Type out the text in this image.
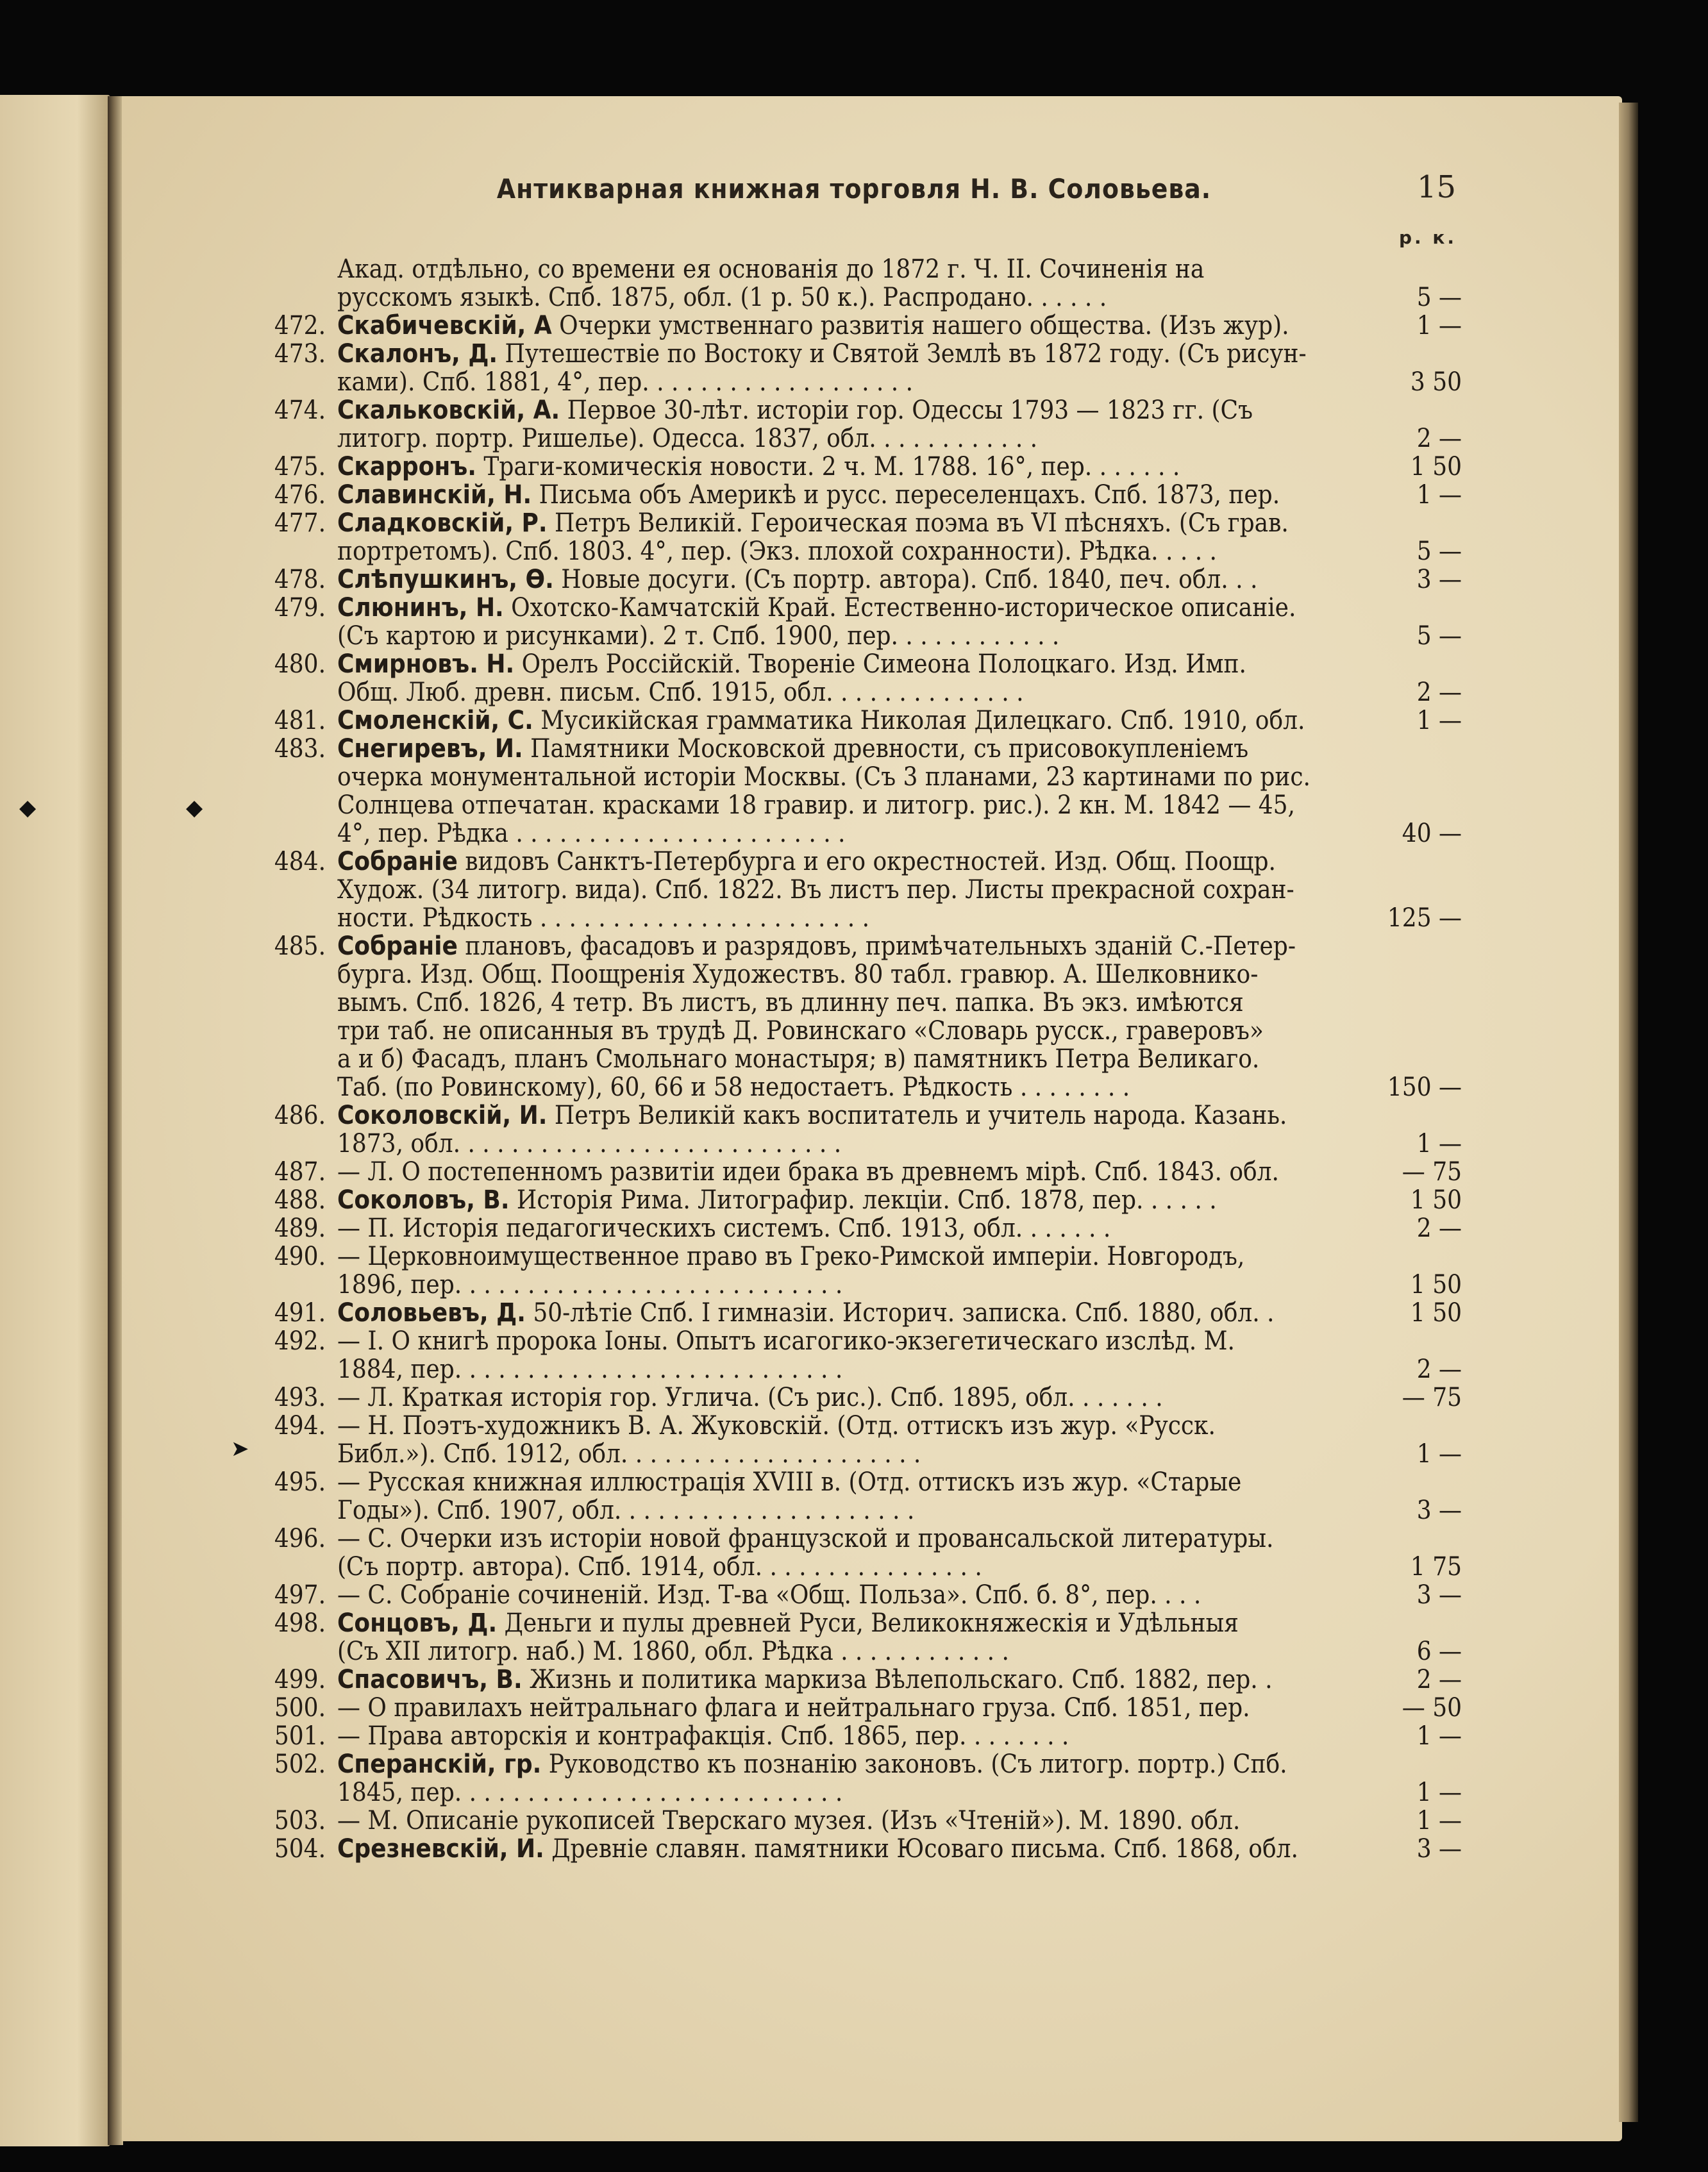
Антикварная книжная торговля Н. В. Соловьева.	15
р. к.
◆	◆
➤
Акад. отдѣльно, со времени ея основанія до 1872 г. Ч. II. Сочиненія на
русскомъ языкѣ. Спб. 1875, обл. (1 р. 50 к.). Распродано. . . . . .	5 —
472. Скабичевскій, А Очерки умственнаго развитія нашего общества. (Изъ жур).	1 —
473. Скалонъ, Д. Путешествіе по Востоку и Святой Землѣ въ 1872 году. (Съ рисун-
ками). Спб. 1881, 4°, пер. . . . . . . . . . . . . . . . . . .	3 50
474. Скальковскій, А. Первое 30-лѣт. исторіи гор. Одессы 1793 — 1823 гг. (Съ
литогр. портр. Ришелье). Одесса. 1837, обл. . . . . . . . . . . .	2 —
475. Скарронъ. Траги-комическія новости. 2 ч. М. 1788. 16°, пер. . . . . . .	1 50
476. Славинскій, Н. Письма объ Америкѣ и русс. переселенцахъ. Спб. 1873, пер.	1 —
477. Сладковскій, Р. Петръ Великій. Героическая поэма въ VI пѣсняхъ. (Съ грав.
портретомъ). Спб. 1803. 4°, пер. (Экз. плохой сохранности). Рѣдка. . . . .	5 —
478. Слѣпушкинъ, Ѳ. Новые досуги. (Съ портр. автора). Спб. 1840, печ. обл. . .	3 —
479. Слюнинъ, Н. Охотско-Камчатскій Край. Естественно-историческое описаніе.
(Съ картою и рисунками). 2 т. Спб. 1900, пер. . . . . . . . . . . .	5 —
480. Смирновъ. Н. Орелъ Россійскій. Твореніе Симеона Полоцкаго. Изд. Имп.
Общ. Люб. древн. письм. Спб. 1915, обл. . . . . . . . . . . . . .	2 —
481. Смоленскій, С. Мусикійская грамматика Николая Дилецкаго. Спб. 1910, обл.	1 —
483. Снегиревъ, И. Памятники Московской древности, съ присовокупленіемъ
очерка монументальной исторіи Москвы. (Съ 3 планами, 23 картинами по рис.
Солнцева отпечатан. красками 18 гравир. и литогр. рис.). 2 кн. М. 1842 — 45,
4°, пер. Рѣдка . . . . . . . . . . . . . . . . . . . . . . .	40 —
484. Собраніе видовъ Санктъ-Петербурга и его окрестностей. Изд. Общ. Поощр.
Худож. (34 литогр. вида). Спб. 1822. Въ листъ пер. Листы прекрасной сохран-
ности. Рѣдкость . . . . . . . . . . . . . . . . . . . . . . .	125 —
485. Собраніе плановъ, фасадовъ и разрядовъ, примѣчательныхъ зданій С.-Петер-
бурга. Изд. Общ. Поощренія Художествъ. 80 табл. гравюр. А. Шелковнико-
вымъ. Спб. 1826, 4 тетр. Въ листъ, въ длинну печ. папка. Въ экз. имѣются
три таб. не описанныя въ трудѣ Д. Ровинскаго «Словарь русск., граверовъ»
а и б) Фасадъ, планъ Смольнаго монастыря; в) памятникъ Петра Великаго.
Таб. (по Ровинскому), 60, 66 и 58 недостаетъ. Рѣдкость . . . . . . . .	150 —
486. Соколовскій, И. Петръ Великій какъ воспитатель и учитель народа. Казань.
1873, обл. . . . . . . . . . . . . . . . . . . . . . . . . . .	1 —
487. — Л. О постепенномъ развитіи идеи брака въ древнемъ мірѣ. Спб. 1843. обл.	— 75
488. Соколовъ, В. Исторія Рима. Литографир. лекціи. Спб. 1878, пер. . . . . .	1 50
489. — П. Исторія педагогическихъ системъ. Спб. 1913, обл. . . . . . .	2 —
490. — Церковноимущественное право въ Греко-Римской имперіи. Новгородъ,
1896, пер. . . . . . . . . . . . . . . . . . . . . . . . . . .	1 50
491. Соловьевъ, Д. 50-лѣтіе Спб. I гимназіи. Историч. записка. Спб. 1880, обл. .	1 50
492. — І. О книгѣ пророка Іоны. Опытъ исагогико-экзегетическаго изслѣд. М.
1884, пер. . . . . . . . . . . . . . . . . . . . . . . . . . .	2 —
493. — Л. Краткая исторія гор. Углича. (Съ рис.). Спб. 1895, обл. . . . . . .	— 75
494. — Н. Поэтъ-художникъ В. А. Жуковскій. (Отд. оттискъ изъ жур. «Русск.
Библ.»). Спб. 1912, обл. . . . . . . . . . . . . . . . . . . . .	1 —
495. — Русская книжная иллюстрація XVIII в. (Отд. оттискъ изъ жур. «Старые
Годы»). Спб. 1907, обл. . . . . . . . . . . . . . . . . . . . .	3 —
496. — С. Очерки изъ исторіи новой французской и провансальской литературы.
(Съ портр. автора). Спб. 1914, обл. . . . . . . . . . . . . . . .	1 75
497. — С. Собраніе сочиненій. Изд. Т-ва «Общ. Польза». Спб. б. 8°, пер. . . .	3 —
498. Сонцовъ, Д. Деньги и пулы древней Руси, Великокняжескія и Удѣльныя
(Съ XII литогр. наб.) М. 1860, обл. Рѣдка . . . . . . . . . . . .	6 —
499. Спасовичъ, В. Жизнь и политика маркиза Вѣлепольскаго. Спб. 1882, пер. .	2 —
500. — О правилахъ нейтральнаго флага и нейтральнаго груза. Спб. 1851, пер.	— 50
501. — Права авторскія и контрафакція. Спб. 1865, пер. . . . . . . .	1 —
502. Сперанскій, гр. Руководство къ познанію законовъ. (Съ литогр. портр.) Спб.
1845, пер. . . . . . . . . . . . . . . . . . . . . . . . . . .	1 —
503. — М. Описаніе рукописей Тверскаго музея. (Изъ «Чтеній»). М. 1890. обл.	1 —
504. Срезневскій, И. Древніе славян. памятники Юсоваго письма. Спб. 1868, обл.	3 —
